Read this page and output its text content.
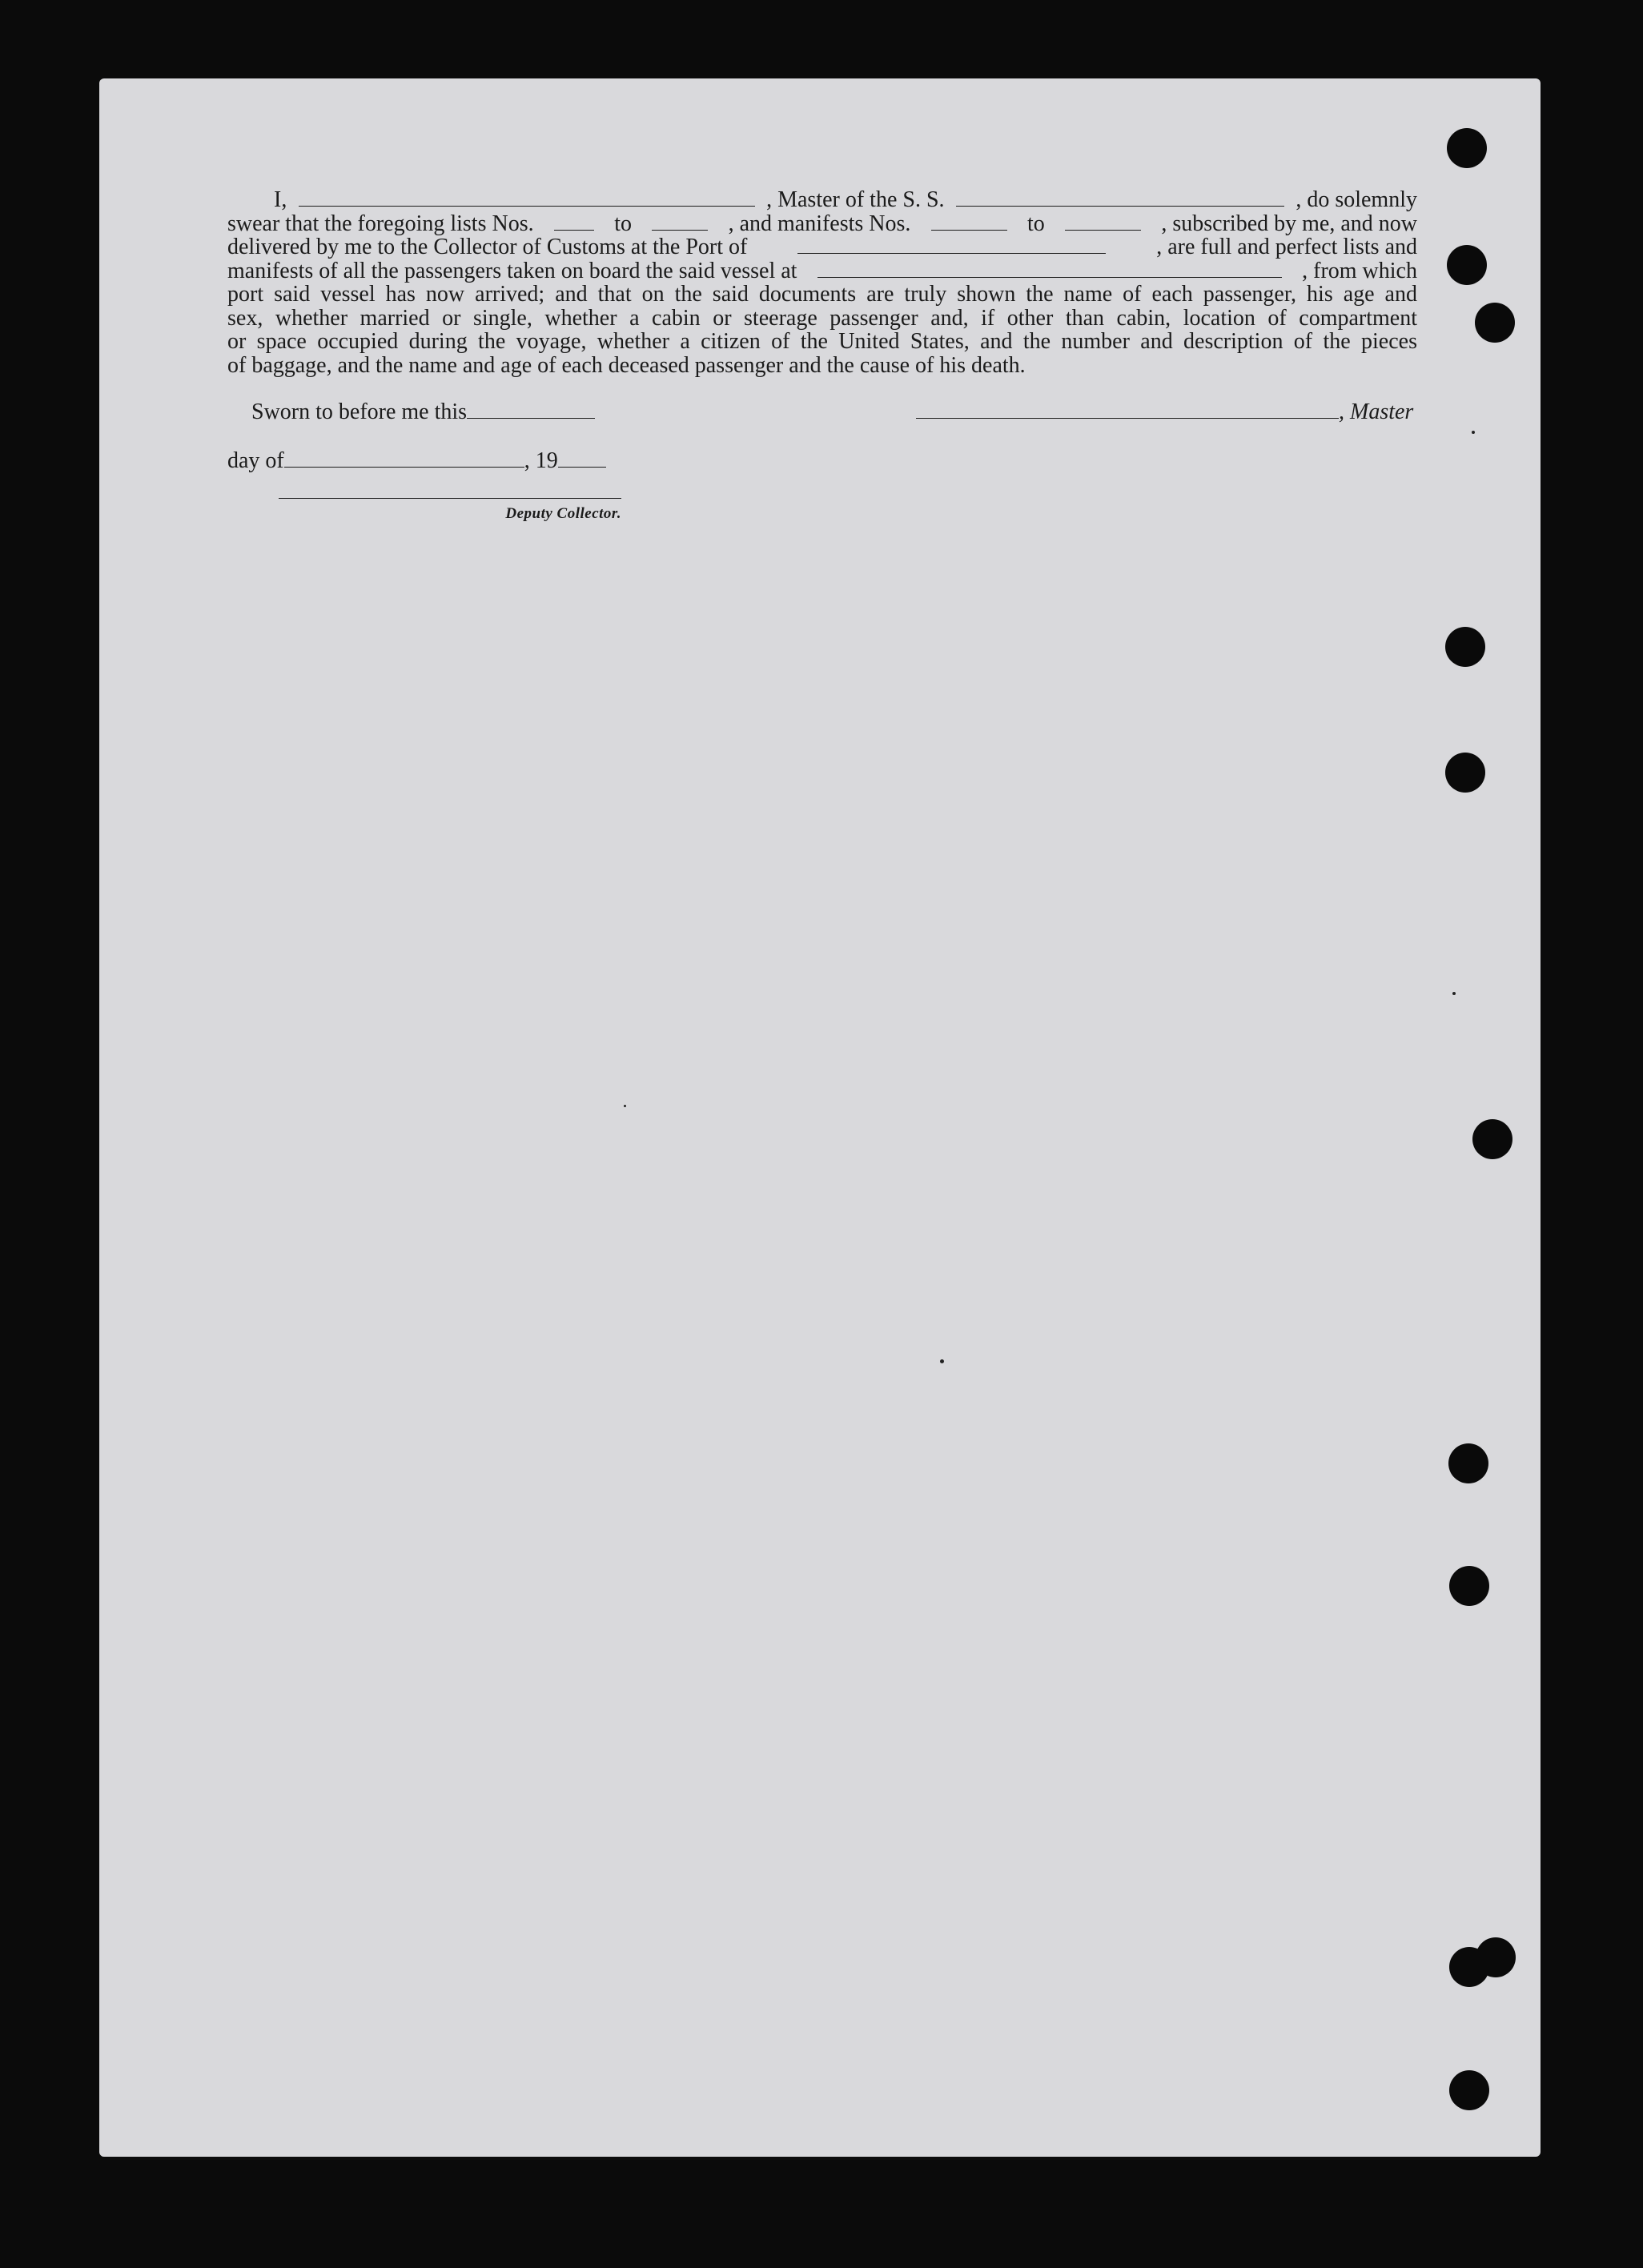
I,	, Master of the S. S.	, do solemnly
swear that the foregoing lists Nos.	to	, and manifests Nos.	to	, subscribed by me, and now
delivered by me to the Collector of Customs at the Port of	, are full and perfect lists and
manifests of all the passengers taken on board the said vessel at	, from which
port said vessel has now arrived; and that on the said documents are truly shown the name of each passenger, his age and
sex, whether married or single, whether a cabin or steerage passenger and, if other than cabin, location of compartment
or space occupied during the voyage, whether a citizen of the United States, and the number and description of the pieces
of baggage, and the name and age of each deceased passenger and the cause of his death.
Sworn to before me this	, Master
day of	, 19
Deputy Collector.
